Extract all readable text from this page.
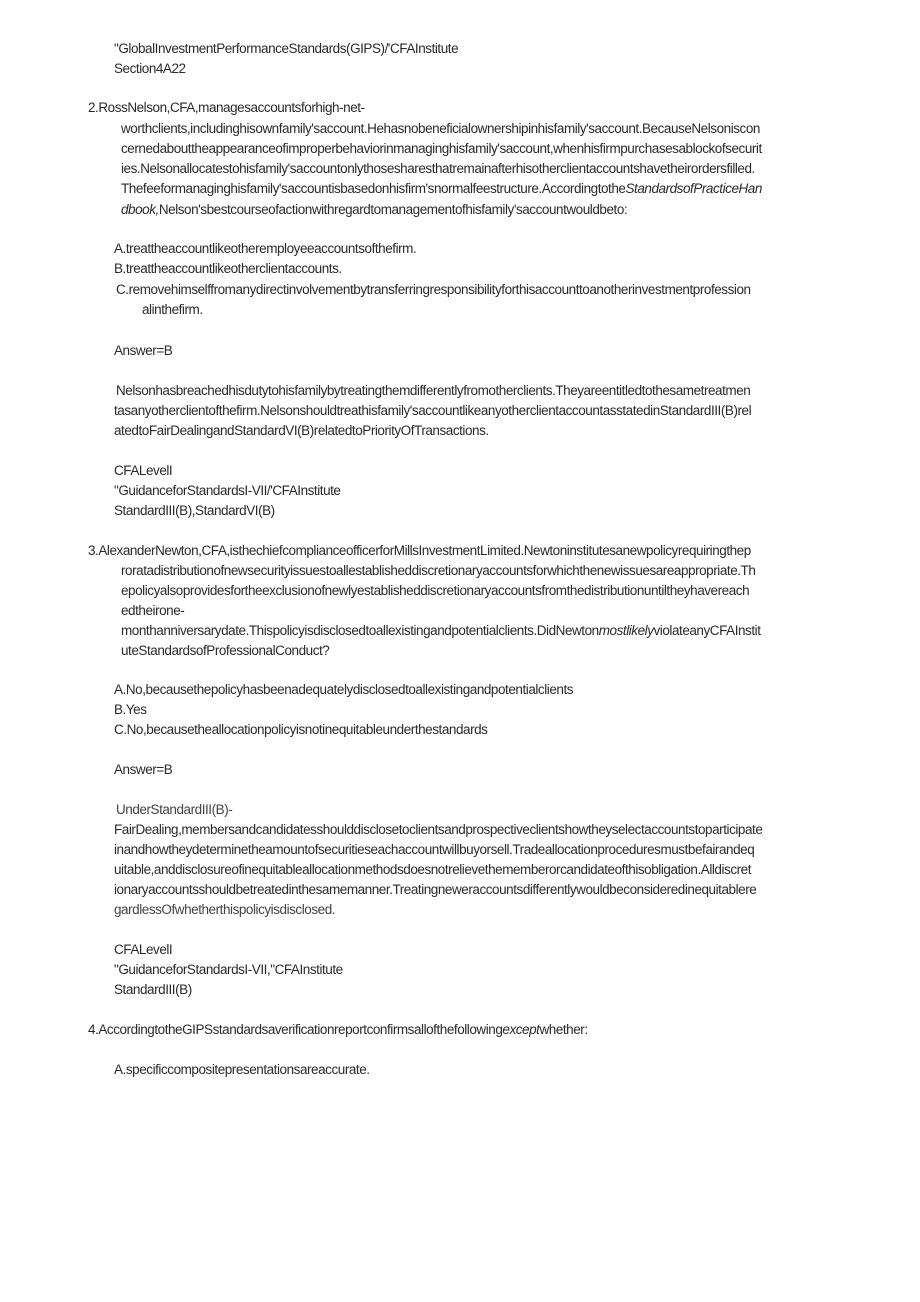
"GlobalInvestmentPerformanceStandards(GIPS)/'CFAInstitute
Section4A22
2.RossNelson,CFA,managesaccountsforhigh-net-
worthclients,includinghisownfamily'saccount.Hehasnobeneficialownershipinhisfamily'saccount.BecauseNelsoniscon
cernedabouttheappearanceofimproperbehaviorinmanaginghisfamily'saccount,whenhisfirmpurchasesablockofsecurit
ies.Nelsonallocatestohisfamily'saccountonlythosesharesthatremainafterhisotherclientaccountshavetheirordersfilled.
Thefeeformanaginghisfamily'saccountisbasedonhisfirm'snormalfeestructure.AccordingtotheStandardsofPracticeHan
dbook,Nelson'sbestcourseofactionwithregardtomanagementofhisfamily'saccountwouldbeto:
A.treattheaccountlikeotheremployeeaccountsofthefirm.
B.treattheaccountlikeotherclientaccounts.
C.removehimselffromanydirectinvolvementbytransferringresponsibilityforthisaccounttoanotherinvestmentprofession
alinthefirm.
Answer=B
Nelsonhasbreachedhisdutytohisfamilybytreatingthemdifferentlyfromotherclients.Theyareentitledtothesametreatmen
tasanyotherclientofthefirm.Nelsonshouldtreathisfamily'saccountlikeanyotherclientaccountasstatedinStandardIII(B)rel
atedtoFairDealingandStandardVI(B)relatedtoPriorityOfTransactions.
CFALevelI
"GuidanceforStandardsI-VII/'CFAInstitute
StandardIII(B),StandardVI(B)
3.AlexanderNewton,CFA,isthechiefcomplianceofficerforMillsInvestmentLimited.Newtoninstitutesanewpolicyrequiringthep
roratadistributionofnewsecurityissuestoallestablisheddiscretionaryaccountsforwhichthenewissuesareappropriate.Th
epolicyalsoprovidesfortheexclusionofnewlyestablisheddiscretionaryaccountsfromthedistributionuntiltheyhavereach
edtheirone-
monthanniversarydate.Thispolicyisdisclosedtoallexistingandpotentialclients.DidNewtonmostlikelyviolateanyCFAInstit
uteStandardsofProfessionalConduct?
A.No,becausethepolicyhasbeenadequatelydisclosedtoallexistingandpotentialclients
B.Yes
C.No,becausetheallocationpolicyisnotinequitableunderthestandards
Answer=B
UnderStandardIII(B)-
FairDealing,membersandcandidatesshoulddisclosetoclientsandprospectiveclientshowtheyselectaccountstoparticipate
inandhowtheydeterminetheamountofsecuritieseachaccountwillbuyorsell.Tradeallocationproceduresmustbefairandeq
uitable,anddisclosureofinequitableallocationmethodsdoesnotrelievethememberorcandidateofthisobligation.Alldiscret
ionaryaccountsshouldbetreatedinthesamemanner.Treatingneweraccountsdifferentlywouldbeconsideredinequitablere
gardlessOfwhetherthispolicyisdisclosed.
CFALevelI
"GuidanceforStandardsI-VII,"CFAInstitute
StandardIII(B)
4.AccordingtotheGIPSstandardsaverificationreportconfirmsallofthefollowingexceptwhether:
A.specificcompositepresentationsareaccurate.
